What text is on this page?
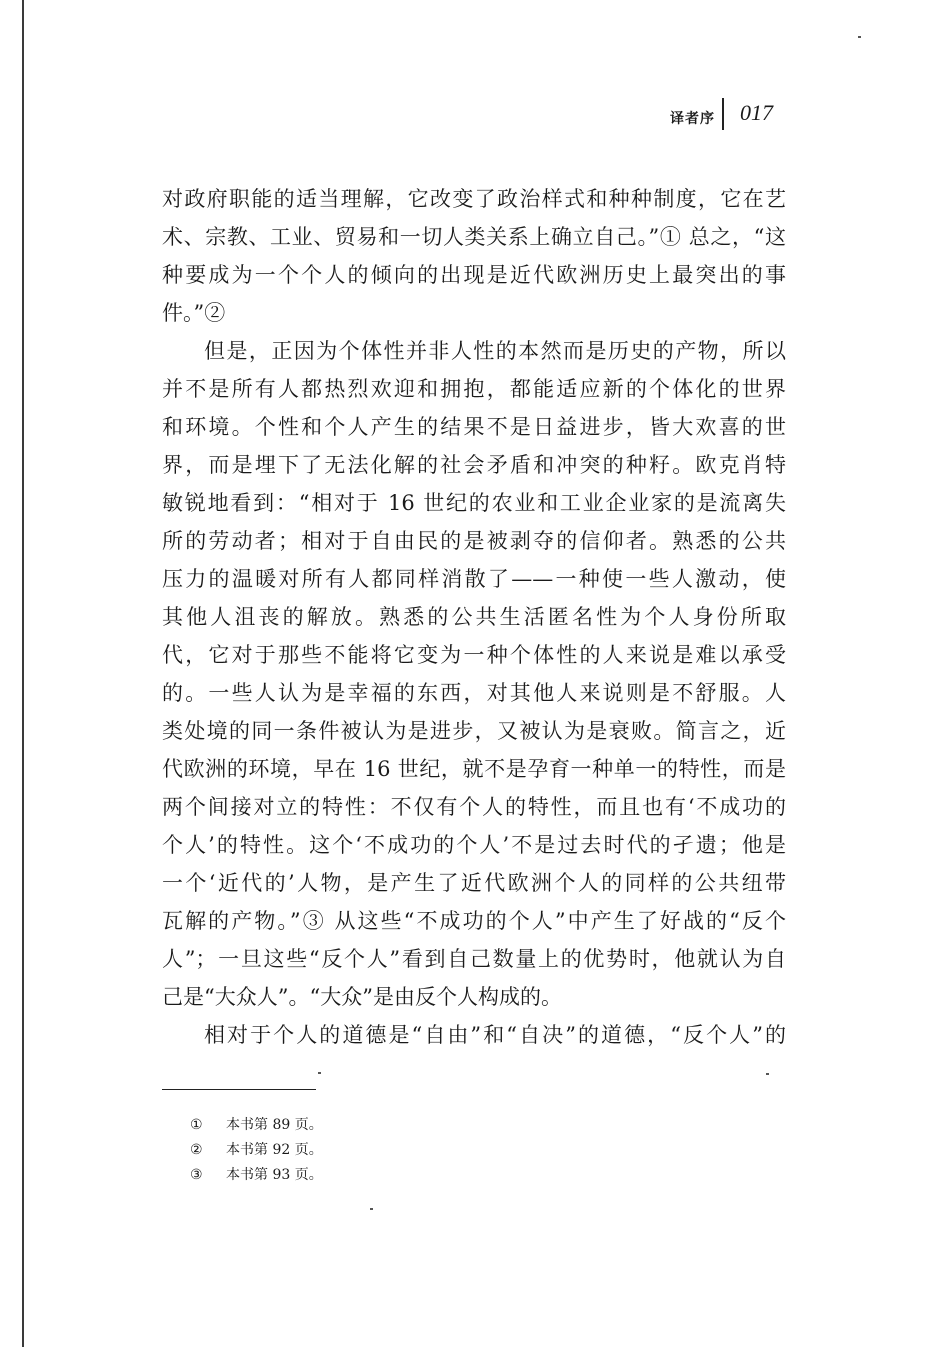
译者序 017
对政府职能的适当理解，它改变了政治样式和种种制度，它在艺
术、宗教、工业、贸易和一切人类关系上确立自己。”① 总之，“这
种要成为一个个人的倾向的出现是近代欧洲历史上最突出的事
件。”②
但是，正因为个体性并非人性的本然而是历史的产物，所以
并不是所有人都热烈欢迎和拥抱，都能适应新的个体化的世界
和环境。个性和个人产生的结果不是日益进步，皆大欢喜的世
界，而是埋下了无法化解的社会矛盾和冲突的种籽。欧克肖特
敏锐地看到：“相对于 16 世纪的农业和工业企业家的是流离失
所的劳动者；相对于自由民的是被剥夺的信仰者。熟悉的公共
压力的温暖对所有人都同样消散了——一种使一些人激动，使
其他人沮丧的解放。熟悉的公共生活匿名性为个人身份所取
代，它对于那些不能将它变为一种个体性的人来说是难以承受
的。一些人认为是幸福的东西，对其他人来说则是不舒服。人
类处境的同一条件被认为是进步，又被认为是衰败。简言之，近
代欧洲的环境，早在 16 世纪，就不是孕育一种单一的特性，而是
两个间接对立的特性：不仅有个人的特性，而且也有‘不成功的
个人’的特性。这个‘不成功的个人’不是过去时代的孑遗；他是
一个‘近代的’人物，是产生了近代欧洲个人的同样的公共纽带
瓦解的产物。”③ 从这些“不成功的个人”中产生了好战的“反个
人”；一旦这些“反个人”看到自己数量上的优势时，他就认为自
己是“大众人”。“大众”是由反个人构成的。
相对于个人的道德是“自由”和“自决”的道德，“反个人”的
① 本书第 89 页。
② 本书第 92 页。
③ 本书第 93 页。
